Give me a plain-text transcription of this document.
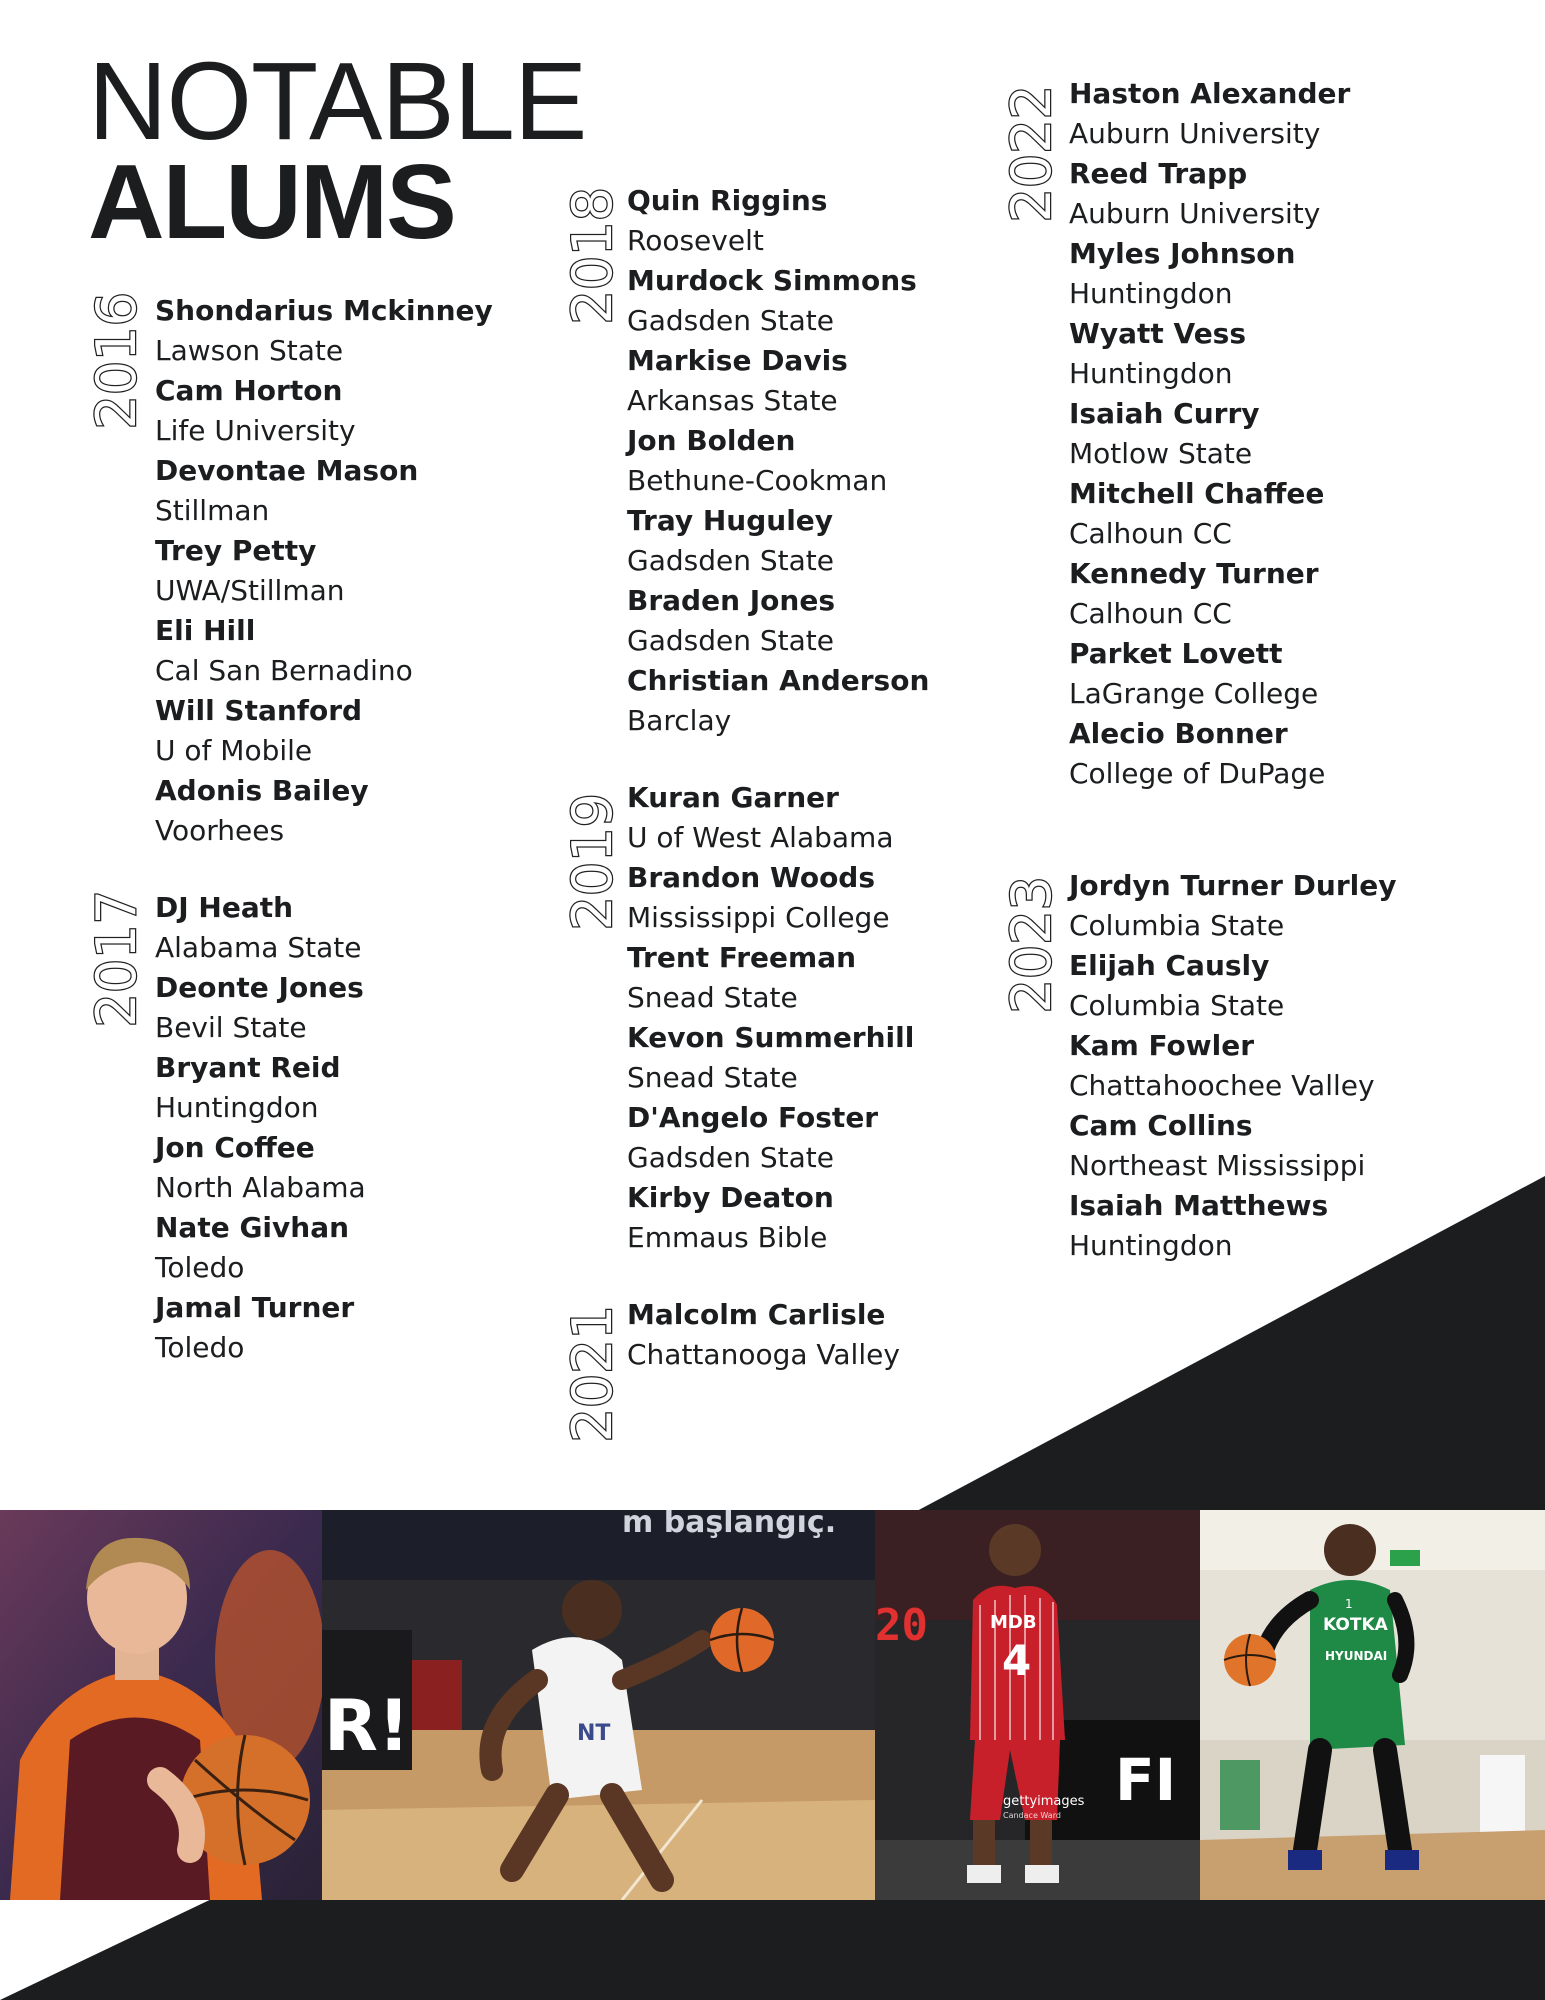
NOTABLE
ALUMS
2016
2017
2018
2019
2021
2022
2023
Shondarius Mckinney
Lawson State
Cam Horton
Life University
Devontae Mason
Stillman
Trey Petty
UWA/Stillman
Eli Hill
Cal San Bernadino
Will Stanford
U of Mobile
Adonis Bailey
Voorhees
DJ Heath
Alabama State
Deonte Jones
Bevil State
Bryant Reid
Huntingdon
Jon Coffee
North Alabama
Nate Givhan
Toledo
Jamal Turner
Toledo
Quin Riggins
Roosevelt
Murdock Simmons
Gadsden State
Markise Davis
Arkansas State
Jon Bolden
Bethune-Cookman
Tray Huguley
Gadsden State
Braden Jones
Gadsden State
Christian Anderson
Barclay
Kuran Garner
U of West Alabama
Brandon Woods
Mississippi College
Trent Freeman
Snead State
Kevon Summerhill
Snead State
D'Angelo Foster
Gadsden State
Kirby Deaton
Emmaus Bible
Malcolm Carlisle
Chattanooga Valley
Haston Alexander
Auburn University
Reed Trapp
Auburn University
Myles Johnson
Huntingdon
Wyatt Vess
Huntingdon
Isaiah Curry
Motlow State
Mitchell Chaffee
Calhoun CC
Kennedy Turner
Calhoun CC
Parket Lovett
LaGrange College
Alecio Bonner
College of DuPage
Jordyn Turner Durley
Columbia State
Elijah Causly
Columbia State
Kam Fowler
Chattahoochee Valley
Cam Collins
Northeast Mississippi
Isaiah Matthews
Huntingdon
m başlangıç.
R!	NT
20
FI
MDB
4
gettyimages
Candace Ward
KOTKA
HYUNDAI
1
